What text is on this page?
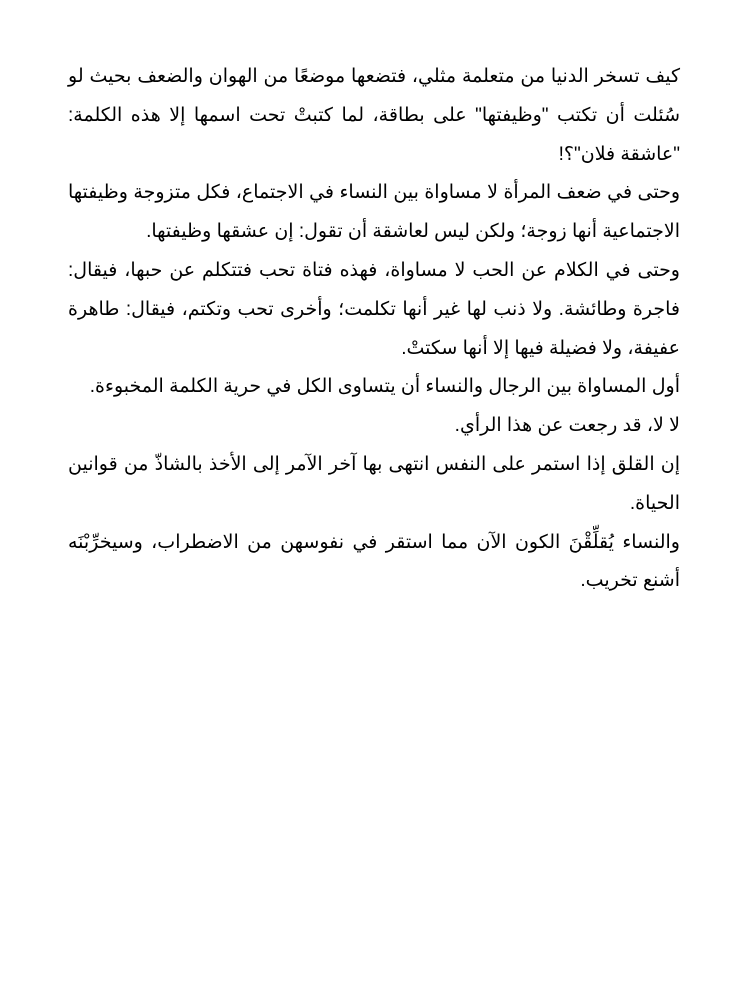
كيف تسخر الدنيا من متعلمة مثلي، فتضعها موضعًا من الهوان والضعف بحيث لو سُئلت أن تكتب "وظيفتها" على بطاقة، لما كتبتْ تحت اسمها إلا هذه الكلمة: "عاشقة فلان"؟!

وحتى في ضعف المرأة لا مساواة بين النساء في الاجتماع، فكل متزوجة وظيفتها الاجتماعية أنها زوجة؛ ولكن ليس لعاشقة أن تقول: إن عشقها وظيفتها.

وحتى في الكلام عن الحب لا مساواة، فهذه فتاة تحب فتتكلم عن حبها، فيقال: فاجرة وطائشة. ولا ذنب لها غير أنها تكلمت؛ وأخرى تحب وتكتم، فيقال: طاهرة عفيفة، ولا فضيلة فيها إلا أنها سكتتْ.

أول المساواة بين الرجال والنساء أن يتساوى الكل في حرية الكلمة المخبوءة.

لا لا، قد رجعت عن هذا الرأي.

إن القلق إذا استمر على النفس انتهى بها آخر الآمر إلى الأخذ بالشاذّ من قوانين الحياة.

والنساء يُقلِّقْنَ الكون الآن مما استقر في نفوسهن من الاضطراب، وسيخرِّبْنَه أشنع تخريب.
